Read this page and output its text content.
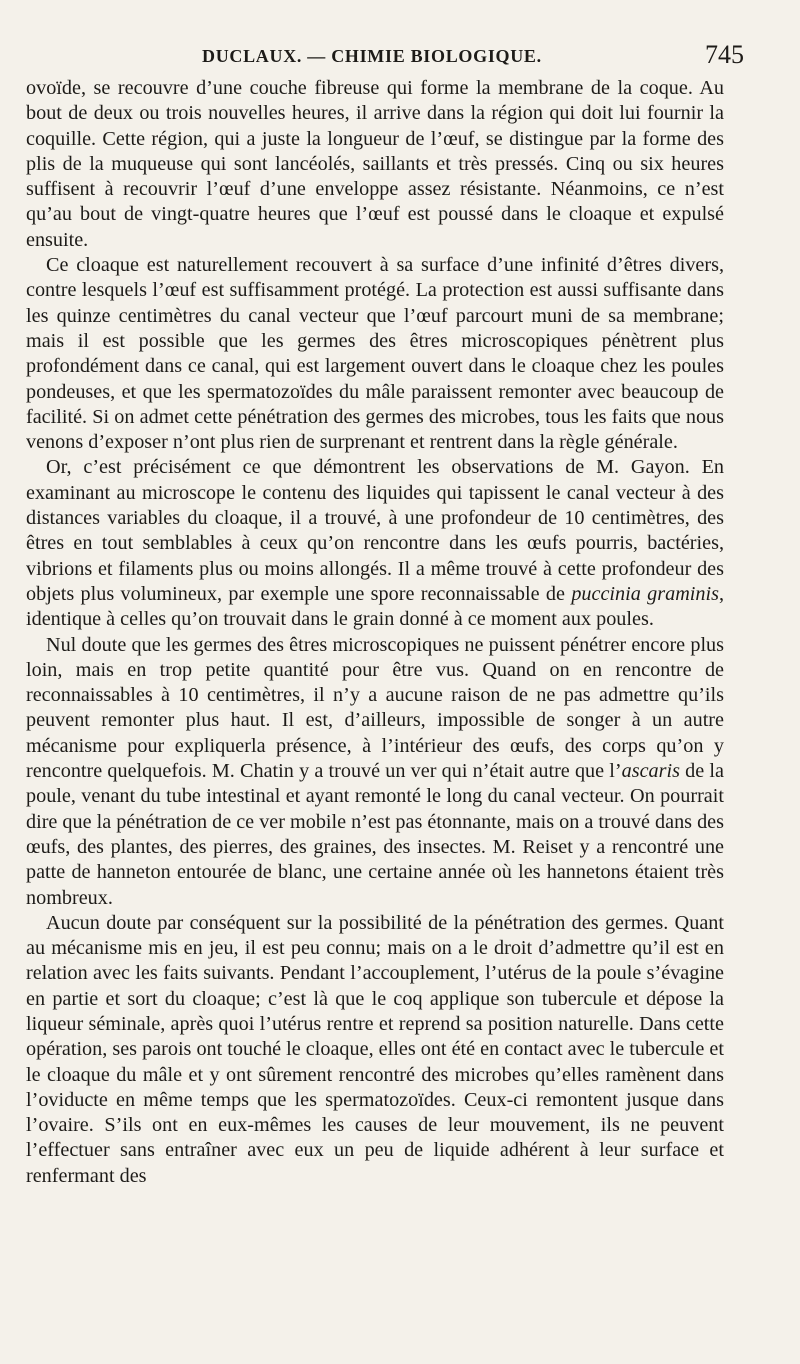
DUCLAUX. — CHIMIE BIOLOGIQUE.	745

ovoïde, se recouvre d’une couche fibreuse qui forme la membrane de la coque. Au bout de deux ou trois nouvelles heures, il arrive dans la région qui doit lui fournir la coquille. Cette région, qui a juste la longueur de l’œuf, se distingue par la forme des plis de la muqueuse qui sont lancéolés, saillants et très pressés. Cinq ou six heures suffisent à recouvrir l’œuf d’une enveloppe assez résistante. Néanmoins, ce n’est qu’au bout de vingt-quatre heures que l’œuf est poussé dans le cloaque et expulsé ensuite.

Ce cloaque est naturellement recouvert à sa surface d’une infinité d’êtres divers, contre lesquels l’œuf est suffisamment protégé. La protection est aussi suffisante dans les quinze centimètres du canal vecteur que l’œuf parcourt muni de sa membrane; mais il est possible que les germes des êtres microscopiques pénètrent plus profondément dans ce canal, qui est largement ouvert dans le cloaque chez les poules pondeuses, et que les spermatozoïdes du mâle paraissent remonter avec beaucoup de facilité. Si on admet cette pénétration des germes des microbes, tous les faits que nous venons d’exposer n’ont plus rien de surprenant et rentrent dans la règle générale.

Or, c’est précisément ce que démontrent les observations de M. Gayon. En examinant au microscope le contenu des liquides qui tapissent le canal vecteur à des distances variables du cloaque, il a trouvé, à une profondeur de 10 centimètres, des êtres en tout semblables à ceux qu’on rencontre dans les œufs pourris, bactéries, vibrions et filaments plus ou moins allongés. Il a même trouvé à cette profondeur des objets plus volumineux, par exemple une spore reconnaissable de puccinia graminis, identique à celles qu’on trouvait dans le grain donné à ce moment aux poules.

Nul doute que les germes des êtres microscopiques ne puissent pénétrer encore plus loin, mais en trop petite quantité pour être vus. Quand on en rencontre de reconnaissables à 10 centimètres, il n’y a aucune raison de ne pas admettre qu’ils peuvent remonter plus haut. Il est, d’ailleurs, impossible de songer à un autre mécanisme pour expliquerla présence, à l’intérieur des œufs, des corps qu’on y rencontre quelquefois. M. Chatin y a trouvé un ver qui n’était autre que l’ascaris de la poule, venant du tube intestinal et ayant remonté le long du canal vecteur. On pourrait dire que la pénétration de ce ver mobile n’est pas étonnante, mais on a trouvé dans des œufs, des plantes, des pierres, des graines, des insectes. M. Reiset y a rencontré une patte de hanneton entourée de blanc, une certaine année où les hannetons étaient très nombreux.

Aucun doute par conséquent sur la possibilité de la pénétration des germes. Quant au mécanisme mis en jeu, il est peu connu; mais on a le droit d’admettre qu’il est en relation avec les faits suivants. Pendant l’accouplement, l’utérus de la poule s’évagine en partie et sort du cloaque; c’est là que le coq applique son tubercule et dépose la liqueur séminale, après quoi l’utérus rentre et reprend sa position naturelle. Dans cette opération, ses parois ont touché le cloaque, elles ont été en contact avec le tubercule et le cloaque du mâle et y ont sûrement rencontré des microbes qu’elles ramènent dans l’oviducte en même temps que les spermatozoïdes. Ceux-ci remontent jusque dans l’ovaire. S’ils ont en eux-mêmes les causes de leur mouvement, ils ne peuvent l’effectuer sans entraîner avec eux un peu de liquide adhérent à leur surface et renfermant des
